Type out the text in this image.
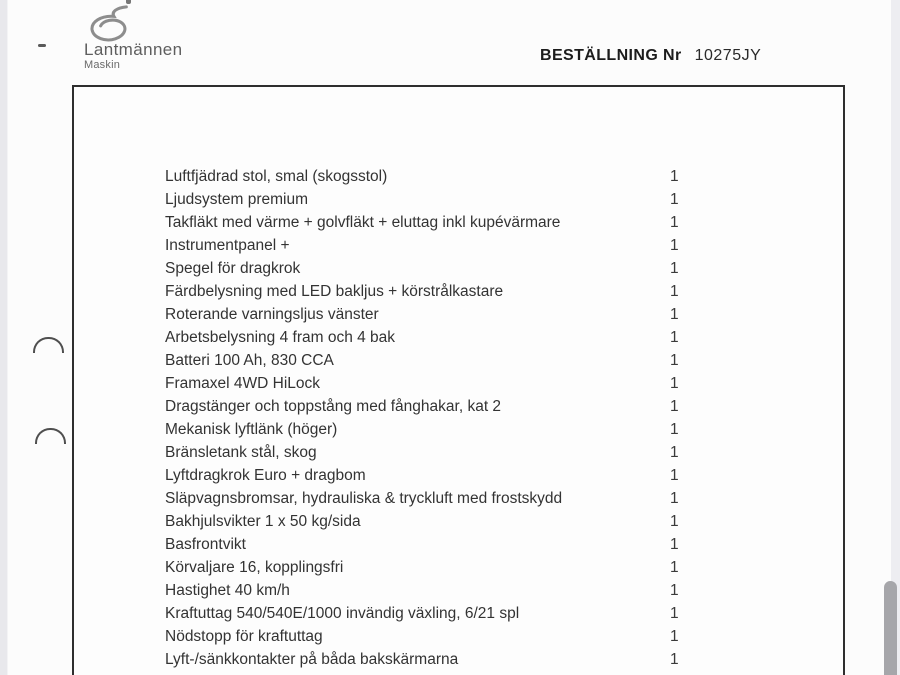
Lantmännen
Maskin
BESTÄLLNING Nr 10275JY
Luftfjädrad stol, smal (skogsstol)	1
Ljudsystem premium	1
Takfläkt med värme + golvfläkt + eluttag inkl kupévärmare	1
Instrumentpanel +	1
Spegel för dragkrok	1
Färdbelysning med LED bakljus + körstrålkastare	1
Roterande varningsljus vänster	1
Arbetsbelysning 4 fram och 4 bak	1
Batteri 100 Ah, 830 CCA	1
Framaxel 4WD HiLock	1
Dragstänger och toppstång med fånghakar, kat 2	1
Mekanisk lyftlänk (höger)	1
Bränsletank stål, skog	1
Lyftdragkrok Euro + dragbom	1
Släpvagnsbromsar, hydrauliska & tryckluft med frostskydd	1
Bakhjulsvikter 1 x 50 kg/sida	1
Basfrontvikt	1
Körvaljare 16, kopplingsfri	1
Hastighet 40 km/h	1
Kraftuttag 540/540E/1000 invändig växling, 6/21 spl	1
Nödstopp för kraftuttag	1
Lyft-/sänkkontakter på båda bakskärmarna	1
